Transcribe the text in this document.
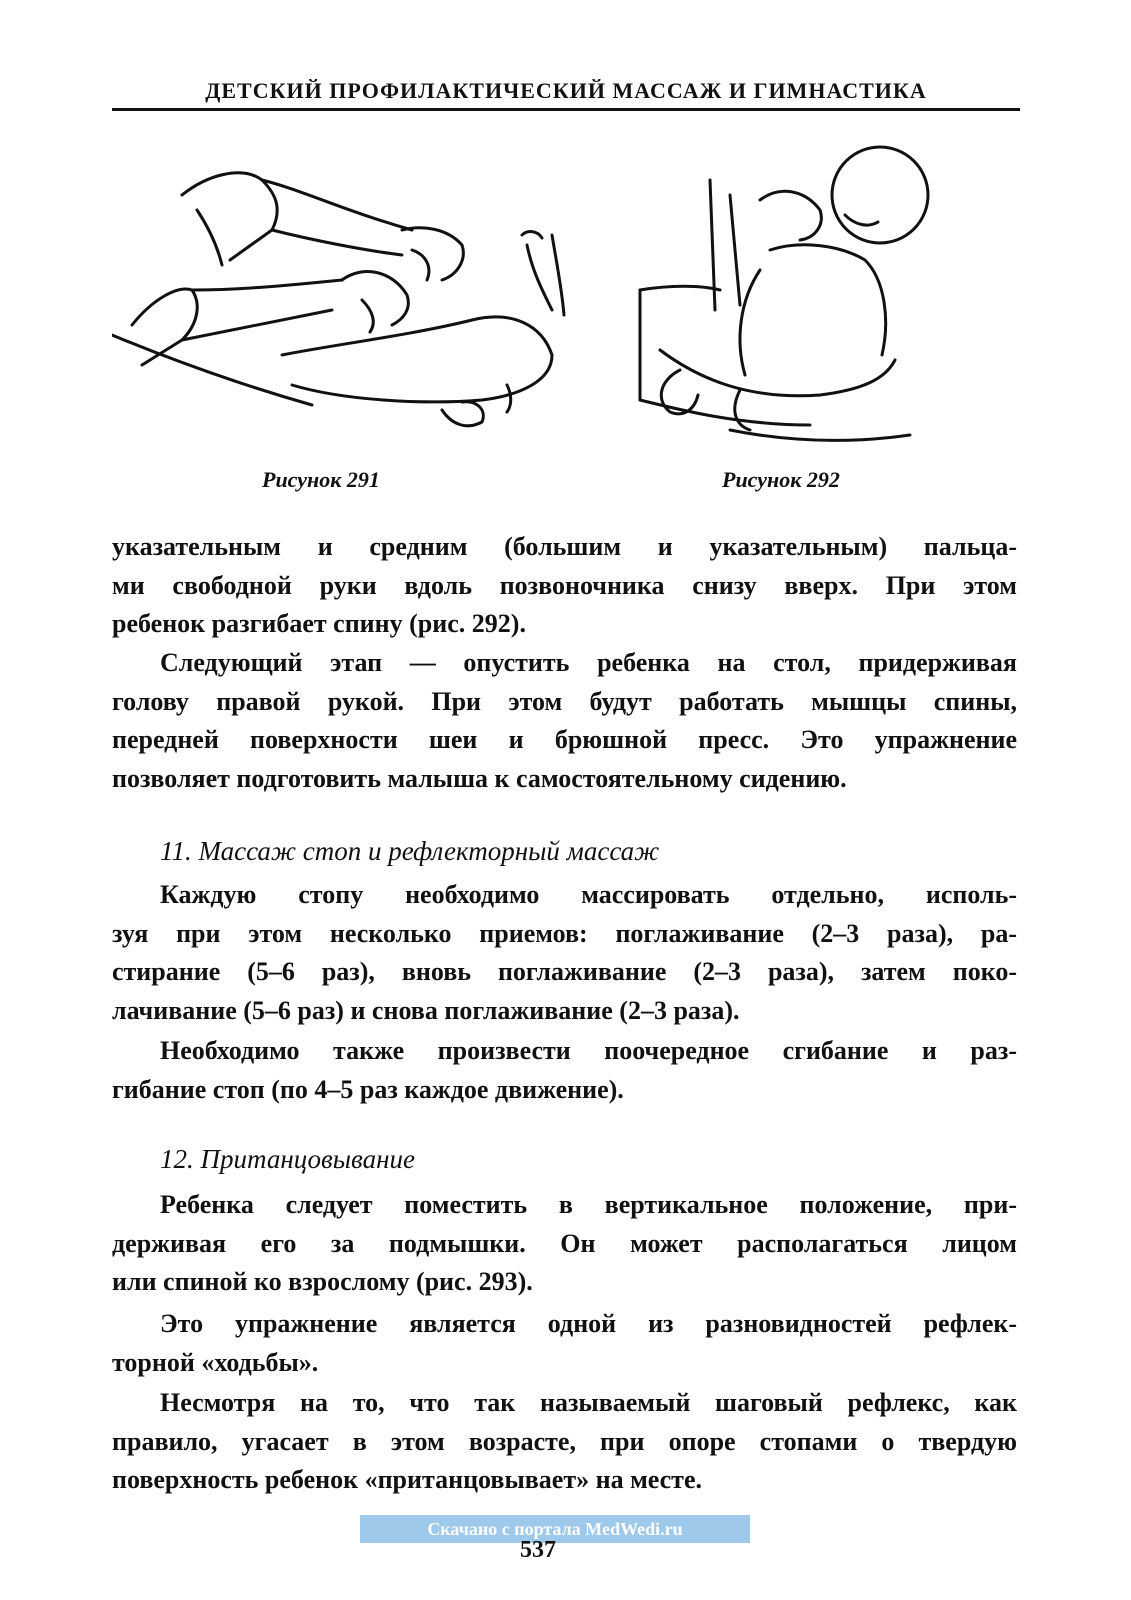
ДЕТСКИЙ ПРОФИЛАКТИЧЕСКИЙ МАССАЖ И ГИМНАСТИКА
Рисунок 291	Рисунок 292

указательным и средним (большим и указательным) пальца-
ми свободной руки вдоль позвоночника снизу вверх. При этом
ребенок разгибает спину (рис. 292).

Следующий этап — опустить ребенка на стол, придерживая
голову правой рукой. При этом будут работать мышцы спины,
передней поверхности шеи и брюшной пресс. Это упражнение
позволяет подготовить малыша к самостоятельному сидению.

11. Массаж стоп и рефлекторный массаж

Каждую стопу необходимо массировать отдельно, исполь-
зуя при этом несколько приемов: поглаживание (2–3 раза), ра-
стирание (5–6 раз), вновь поглаживание (2–3 раза), затем поко-
лачивание (5–6 раз) и снова поглаживание (2–3 раза).

Необходимо также произвести поочередное сгибание и раз-
гибание стоп (по 4–5 раз каждое движение).

12. Пританцовывание

Ребенка следует поместить в вертикальное положение, при-
держивая его за подмышки. Он может располагаться лицом
или спиной ко взрослому (рис. 293).

Это упражнение является одной из разновидностей рефлек-
торной «ходьбы».

Несмотря на то, что так называемый шаговый рефлекс, как
правило, угасает в этом возрасте, при опоре стопами о твердую
поверхность ребенок «пританцовывает» на месте.

Скачано с портала MedWedi.ru
537
